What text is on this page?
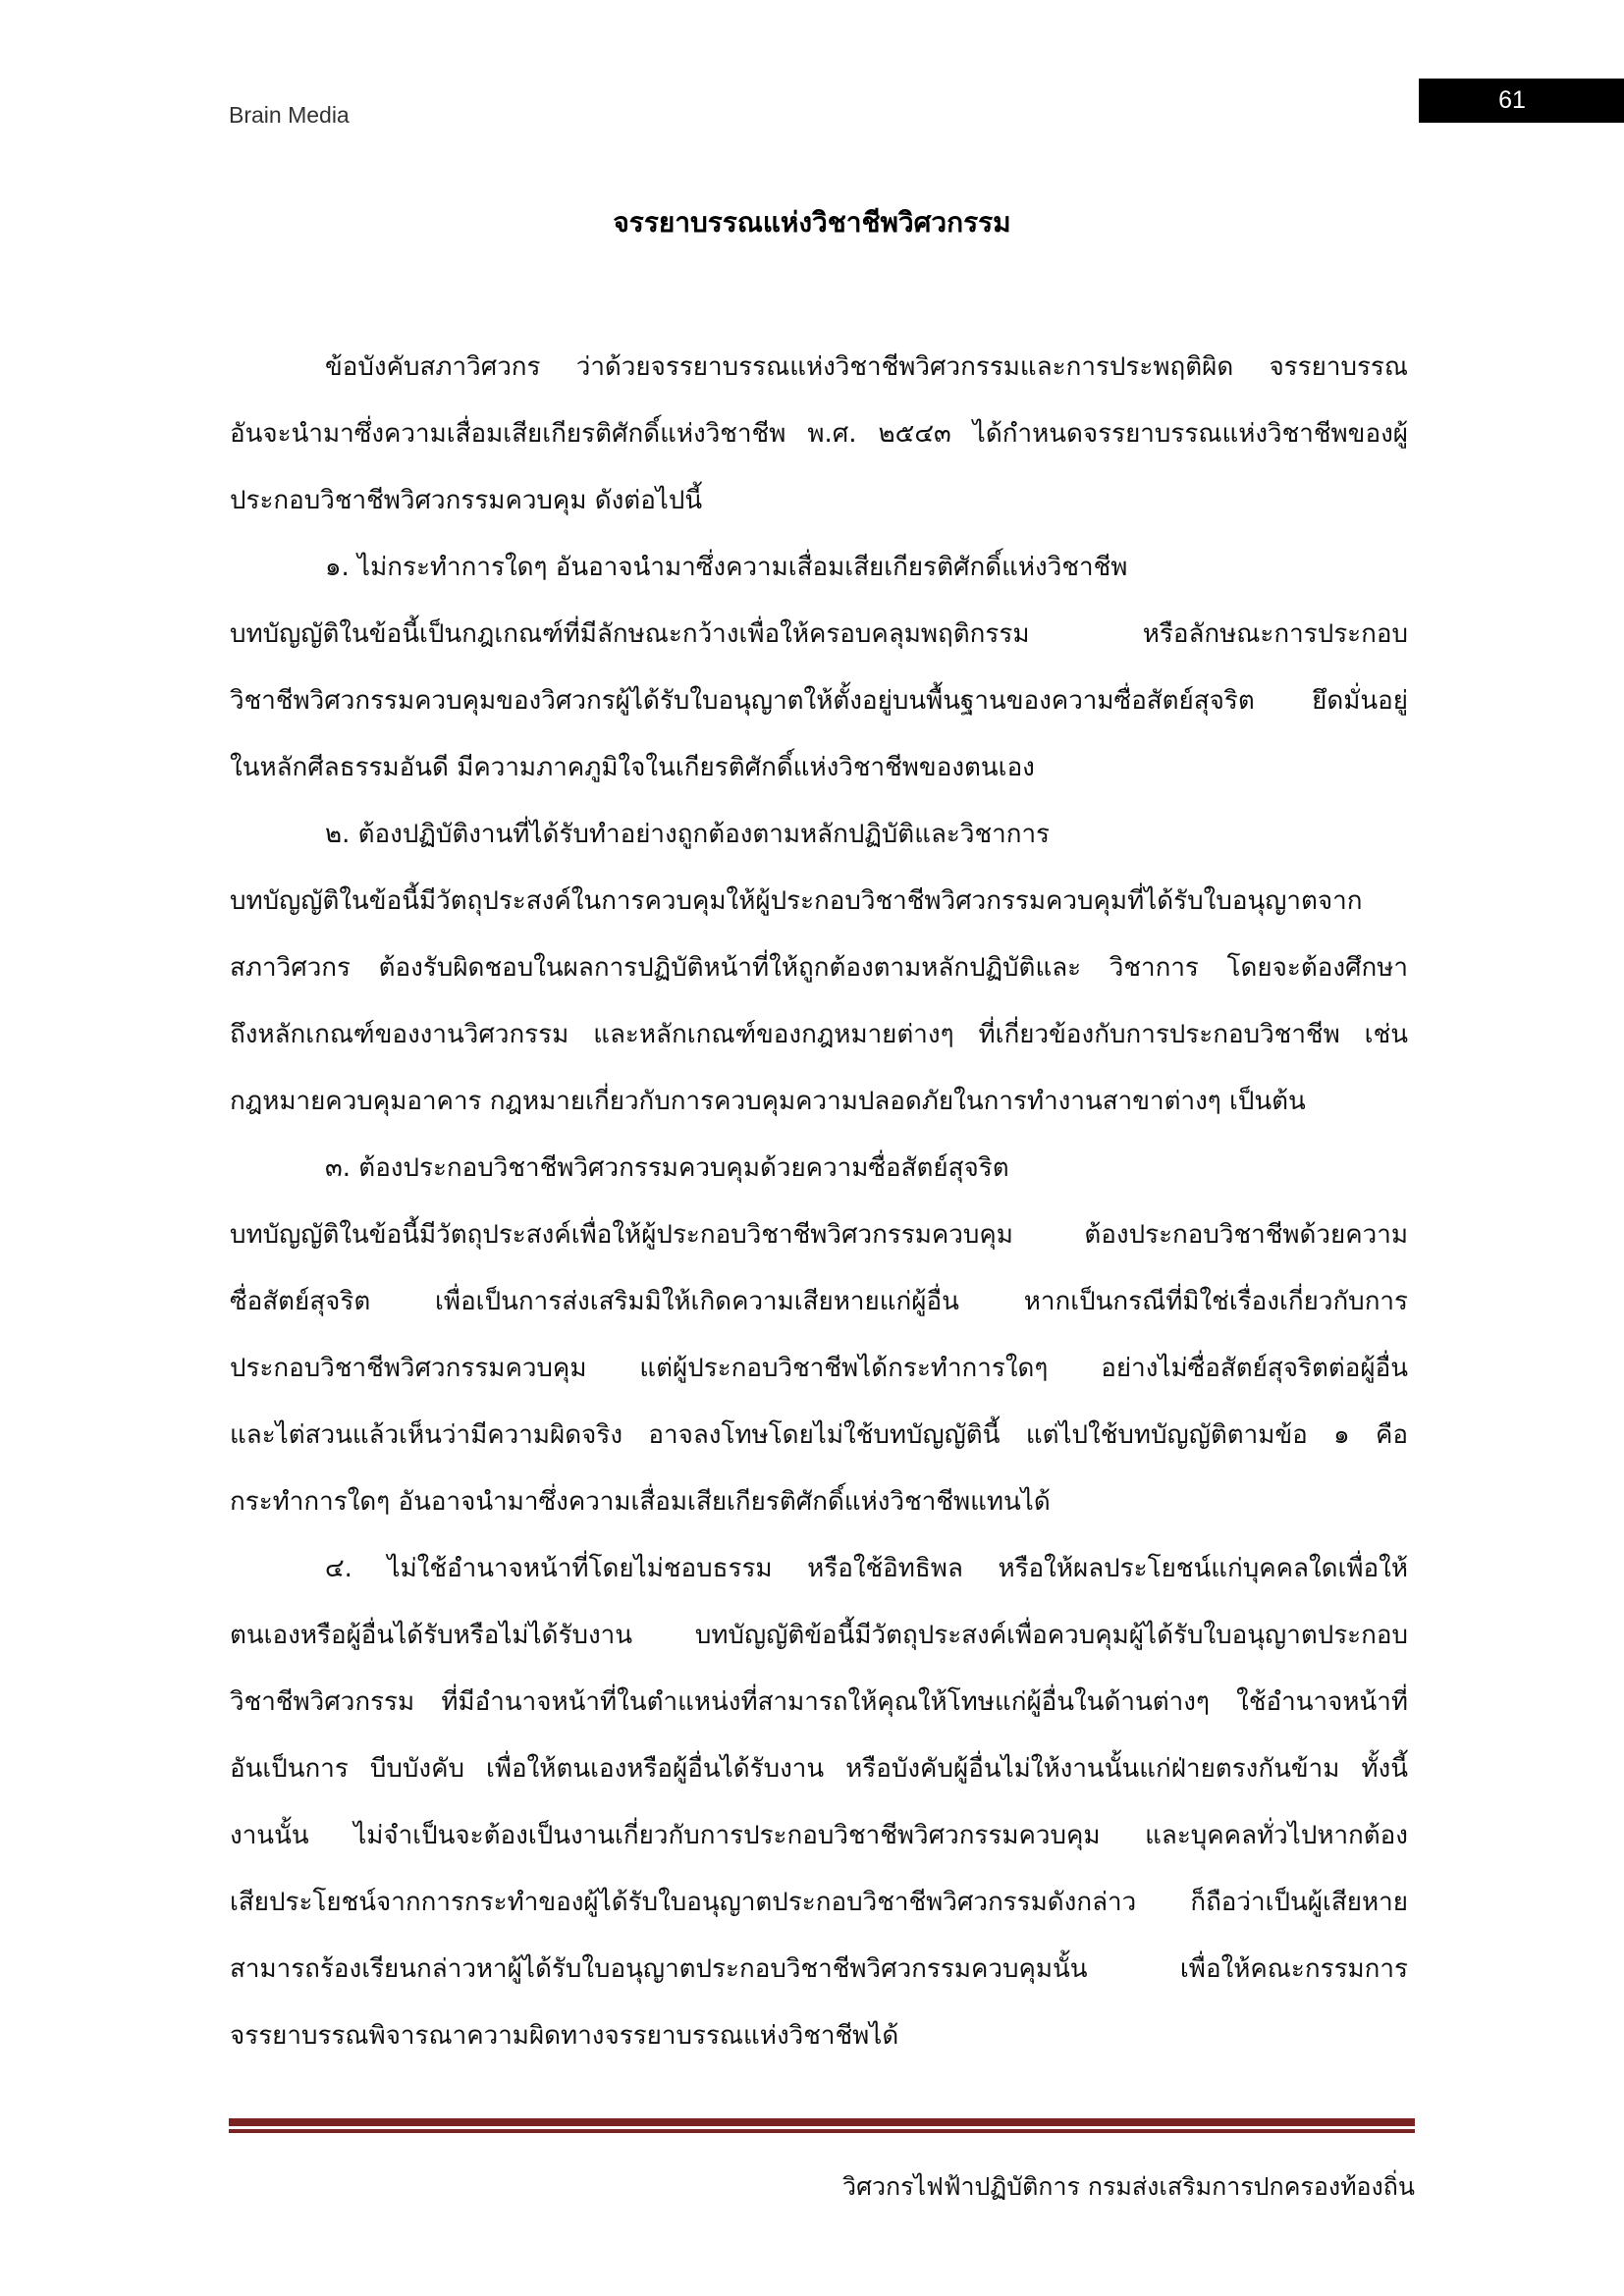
Brain Media
61
จรรยาบรรณแห่งวิชาชีพวิศวกรรม
ข้อบังคับสภาวิศวกร ว่าด้วยจรรยาบรรณแห่งวิชาชีพวิศวกรรมและการประพฤติผิด จรรยาบรรณ
อันจะนำมาซึ่งความเสื่อมเสียเกียรติศักดิ์แห่งวิชาชีพ พ.ศ. ๒๕๔๓ ได้กำหนดจรรยาบรรณแห่งวิชาชีพของผู้
ประกอบวิชาชีพวิศวกรรมควบคุม ดังต่อไปนี้
๑. ไม่กระทำการใดๆ อันอาจนำมาซึ่งความเสื่อมเสียเกียรติศักดิ์แห่งวิชาชีพ
บทบัญญัติในข้อนี้เป็นกฎเกณฑ์ที่มีลักษณะกว้างเพื่อให้ครอบคลุมพฤติกรรม หรือลักษณะการประกอบ
วิชาชีพวิศวกรรมควบคุมของวิศวกรผู้ได้รับใบอนุญาตให้ตั้งอยู่บนพื้นฐานของความซื่อสัตย์สุจริต ยึดมั่นอยู่
ในหลักศีลธรรมอันดี มีความภาคภูมิใจในเกียรติศักดิ์แห่งวิชาชีพของตนเอง
๒. ต้องปฏิบัติงานที่ได้รับทำอย่างถูกต้องตามหลักปฏิบัติและวิชาการ
บทบัญญัติในข้อนี้มีวัตถุประสงค์ในการควบคุมให้ผู้ประกอบวิชาชีพวิศวกรรมควบคุมที่ได้รับใบอนุญาตจาก
สภาวิศวกร ต้องรับผิดชอบในผลการปฏิบัติหน้าที่ให้ถูกต้องตามหลักปฏิบัติและ วิชาการ โดยจะต้องศึกษา
ถึงหลักเกณฑ์ของงานวิศวกรรม และหลักเกณฑ์ของกฎหมายต่างๆ ที่เกี่ยวข้องกับการประกอบวิชาชีพ เช่น
กฎหมายควบคุมอาคาร กฎหมายเกี่ยวกับการควบคุมความปลอดภัยในการทำงานสาขาต่างๆ เป็นต้น
๓. ต้องประกอบวิชาชีพวิศวกรรมควบคุมด้วยความซื่อสัตย์สุจริต
บทบัญญัติในข้อนี้มีวัตถุประสงค์เพื่อให้ผู้ประกอบวิชาชีพวิศวกรรมควบคุม ต้องประกอบวิชาชีพด้วยความ
ซื่อสัตย์สุจริต เพื่อเป็นการส่งเสริมมิให้เกิดความเสียหายแก่ผู้อื่น หากเป็นกรณีที่มิใช่เรื่องเกี่ยวกับการ
ประกอบวิชาชีพวิศวกรรมควบคุม แต่ผู้ประกอบวิชาชีพได้กระทำการใดๆ อย่างไม่ซื่อสัตย์สุจริตต่อผู้อื่น
และไต่สวนแล้วเห็นว่ามีความผิดจริง อาจลงโทษโดยไม่ใช้บทบัญญัตินี้ แต่ไปใช้บทบัญญัติตามข้อ ๑ คือ
กระทำการใดๆ อันอาจนำมาซึ่งความเสื่อมเสียเกียรติศักดิ์แห่งวิชาชีพแทนได้
๔. ไม่ใช้อำนาจหน้าที่โดยไม่ชอบธรรม หรือใช้อิทธิพล หรือให้ผลประโยชน์แก่บุคคลใดเพื่อให้
ตนเองหรือผู้อื่นได้รับหรือไม่ได้รับงาน บทบัญญัติข้อนี้มีวัตถุประสงค์เพื่อควบคุมผู้ได้รับใบอนุญาตประกอบ
วิชาชีพวิศวกรรม ที่มีอำนาจหน้าที่ในตำแหน่งที่สามารถให้คุณให้โทษแก่ผู้อื่นในด้านต่างๆ ใช้อำนาจหน้าที่
อันเป็นการ บีบบังคับ เพื่อให้ตนเองหรือผู้อื่นได้รับงาน หรือบังคับผู้อื่นไม่ให้งานนั้นแก่ฝ่ายตรงกันข้าม ทั้งนี้
งานนั้น ไม่จำเป็นจะต้องเป็นงานเกี่ยวกับการประกอบวิชาชีพวิศวกรรมควบคุม และบุคคลทั่วไปหากต้อง
เสียประโยชน์จากการกระทำของผู้ได้รับใบอนุญาตประกอบวิชาชีพวิศวกรรมดังกล่าว ก็ถือว่าเป็นผู้เสียหาย
สามารถร้องเรียนกล่าวหาผู้ได้รับใบอนุญาตประกอบวิชาชีพวิศวกรรมควบคุมนั้น เพื่อให้คณะกรรมการ
จรรยาบรรณพิจารณาความผิดทางจรรยาบรรณแห่งวิชาชีพได้
วิศวกรไฟฟ้าปฏิบัติการ กรมส่งเสริมการปกครองท้องถิ่น
